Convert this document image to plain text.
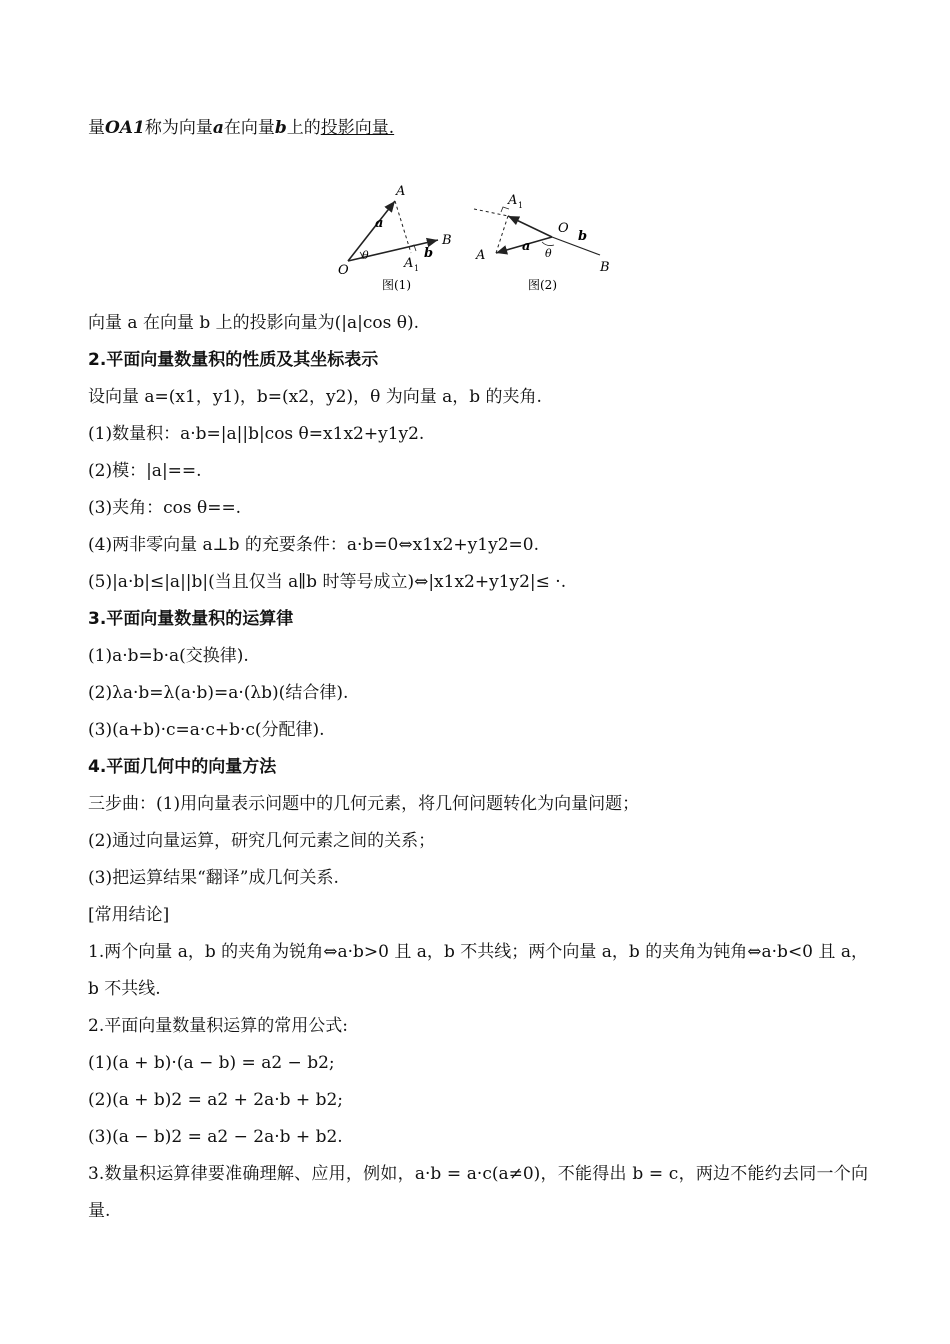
量OA1称为向量a在向量b上的投影向量.
A
a
O
θ
A 1
b
B
图(1)
A 1
O
b
a
A	θ
B
图(2)
向量 a 在向量 b 上的投影向量为(|a|cos θ).
2.平面向量数量积的性质及其坐标表示
设向量 a=(x1，y1)，b=(x2，y2)，θ 为向量 a，b 的夹角.
(1)数量积：a·b=|a||b|cos θ=x1x2+y1y2.
(2)模：|a|==.
(3)夹角：cos θ==.
(4)两非零向量 a⊥b 的充要条件：a·b=0⇔x1x2+y1y2=0.
(5)|a·b|≤|a||b|(当且仅当 a∥b 时等号成立)⇔|x1x2+y1y2|≤ ·.
3.平面向量数量积的运算律
(1)a·b=b·a(交换律).
(2)λa·b=λ(a·b)=a·(λb)(结合律).
(3)(a+b)·c=a·c+b·c(分配律).
4.平面几何中的向量方法
三步曲：(1)用向量表示问题中的几何元素，将几何问题转化为向量问题；
(2)通过向量运算，研究几何元素之间的关系；
(3)把运算结果“翻译”成几何关系.
[常用结论]
1.两个向量 a，b 的夹角为锐角⇔a·b>0 且 a，b 不共线；两个向量 a，b 的夹角为钝角⇔a·b<0 且 a，b 不共线.
2.平面向量数量积运算的常用公式:
(1)(a + b)·(a − b) = a2 − b2;
(2)(a + b)2 = a2 + 2a·b + b2;
(3)(a − b)2 = a2 − 2a·b + b2.
3.数量积运算律要准确理解、应用，例如，a·b = a·c(a≠0)，不能得出 b = c，两边不能约去同一个向量.
